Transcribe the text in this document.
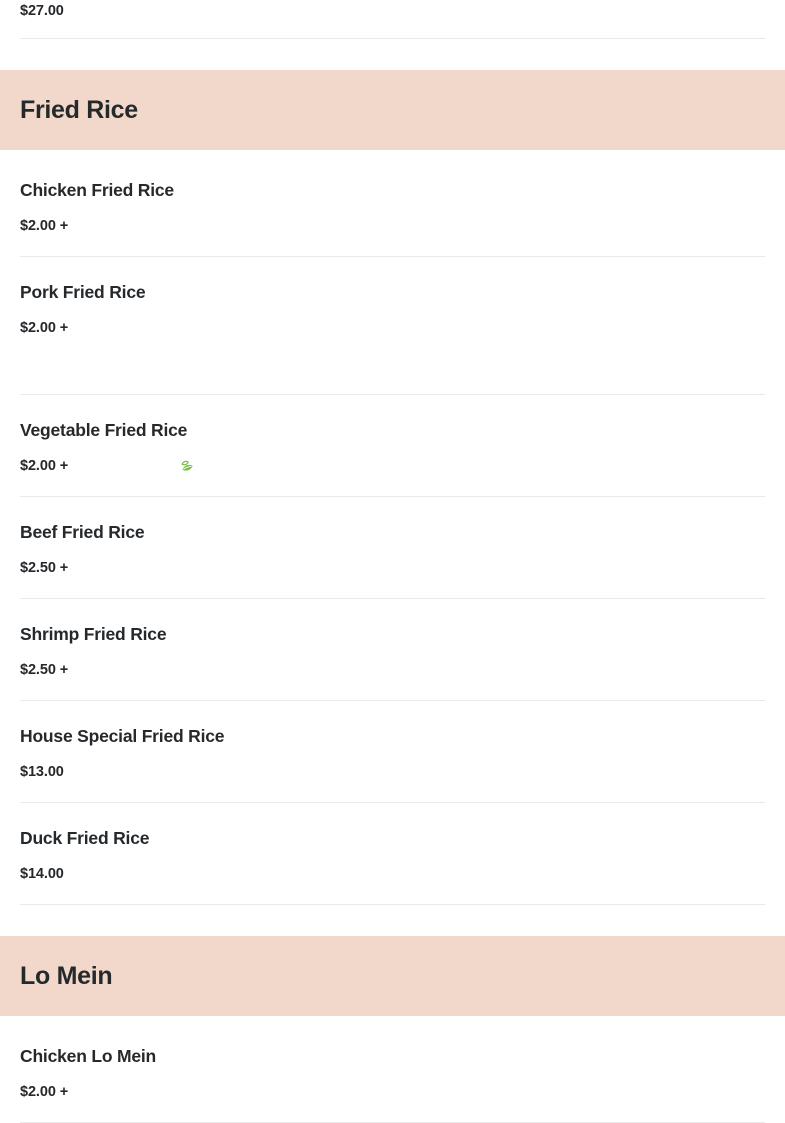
$27.00
Fried Rice
Chicken Fried Rice
$2.00 +
Pork Fried Rice
$2.00 +
Vegetable Fried Rice
$2.00 +
Beef Fried Rice
$2.50 +
Shrimp Fried Rice
$2.50 +
House Special Fried Rice
$13.00
Duck Fried Rice
$14.00
Lo Mein
Chicken Lo Mein
$2.00 +
